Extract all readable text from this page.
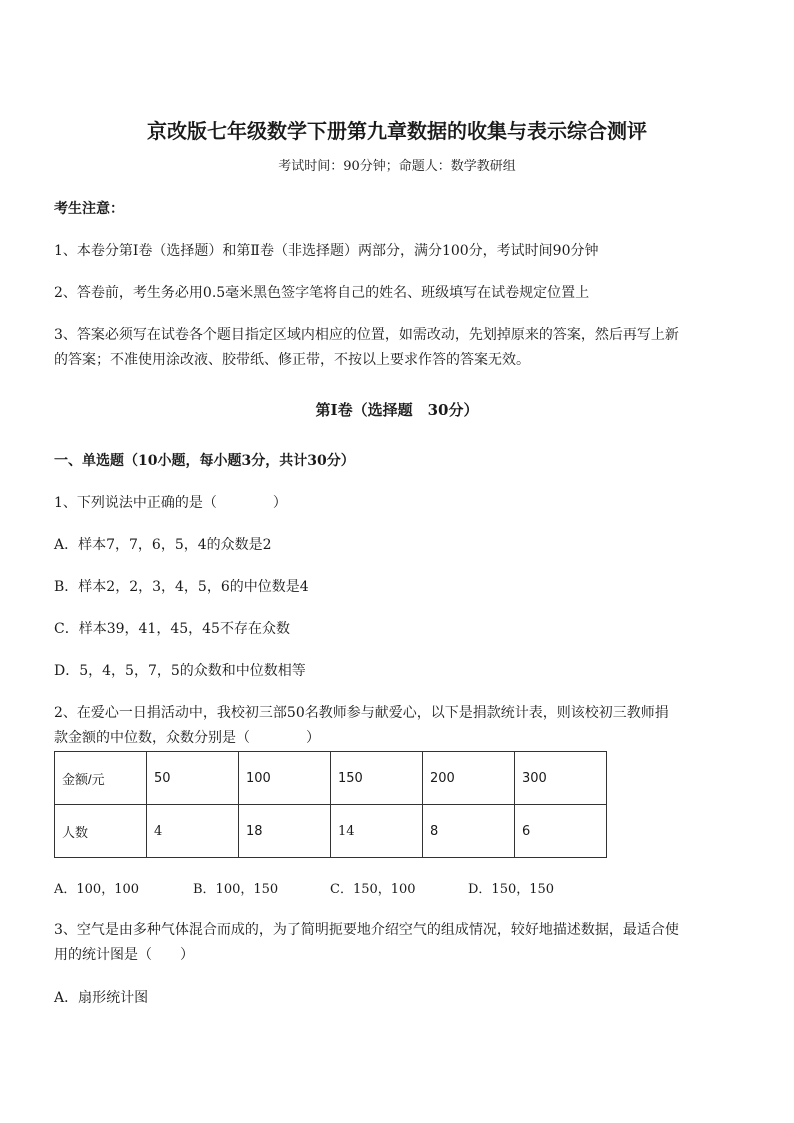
京改版七年级数学下册第九章数据的收集与表示综合测评
考试时间：90分钟；命题人：数学教研组
考生注意：
1、本卷分第Ⅰ卷（选择题）和第Ⅱ卷（非选择题）两部分，满分100分，考试时间90分钟
2、答卷前，考生务必用0.5毫米黑色签字笔将自己的姓名、班级填写在试卷规定位置上
3、答案必须写在试卷各个题目指定区域内相应的位置，如需改动，先划掉原来的答案，然后再写上新
的答案；不准使用涂改液、胶带纸、修正带，不按以上要求作答的答案无效。
第Ⅰ卷（选择题　30分）
一、单选题（10小题，每小题3分，共计30分）
1、下列说法中正确的是（　　　　）
A．样本7，7，6，5，4的众数是2
B．样本2，2，3，4，5，6的中位数是4
C．样本39，41，45，45不存在众数
D．5，4，5，7，5的众数和中位数相等
2、在爱心一日捐活动中，我校初三部50名教师参与献爱心，以下是捐款统计表，则该校初三教师捐
款金额的中位数，众数分别是（　　　　）
金额/元	50	100	150	200	300
人数	4	18	14	8	6
A．100，100	B．100，150	C．150，100	D．150，150
3、空气是由多种气体混合而成的，为了简明扼要地介绍空气的组成情况，较好地描述数据，最适合使
用的统计图是（　　）
A．扇形统计图
